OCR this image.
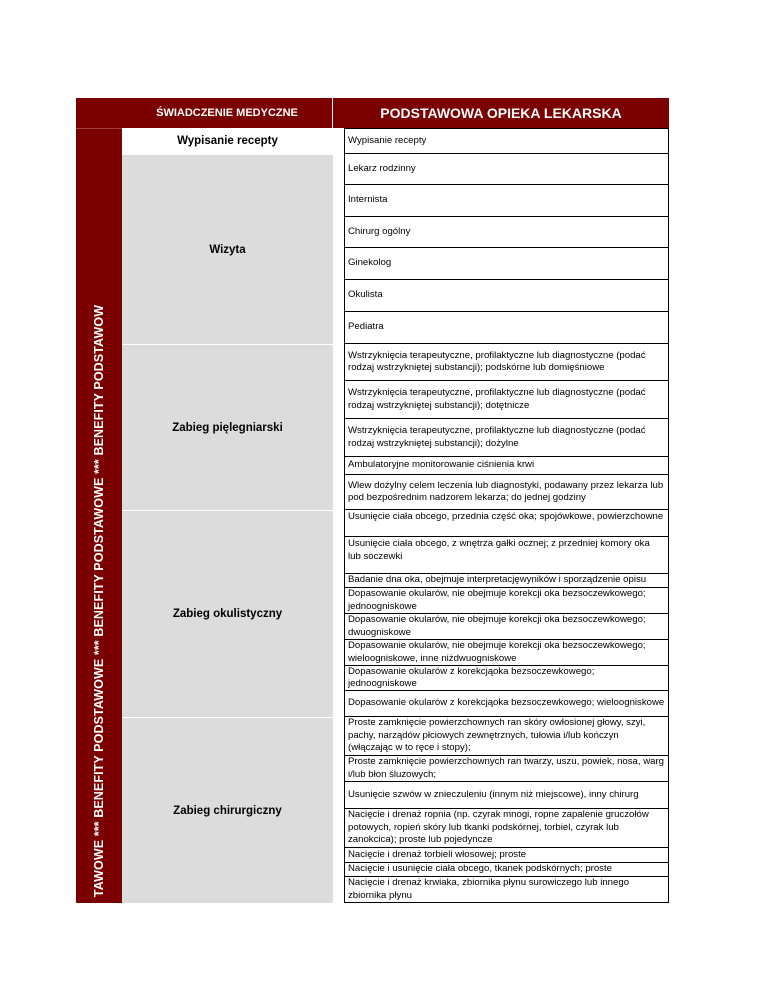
TAWOWE *** BENEFITY PODSTAWOWE *** BENEFITY PODSTAWOWE *** BENEFITY PODSTAWOW
ŚWIADCZENIE MEDYCZNE	PODSTAWOWA OPIEKA LEKARSKA
Wypisanie recepty
Wizyta
Zabieg pięlegniarski
Zabieg okulistyczny
Zabieg chirurgiczny
Wypisanie recepty
Lekarz rodzinny
Internista
Chirurg ogólny
Ginekolog
Okulista
Pediatra
Wstrzyknięcia terapeutyczne, profilaktyczne lub diagnostyczne (podać rodzaj wstrzykniętej substancji); podskórne lub domięśniowe
Wstrzyknięcia terapeutyczne, profilaktyczne lub diagnostyczne (podać rodzaj wstrzykniętej substancji); dotętnicze
Wstrzyknięcia terapeutyczne, profilaktyczne lub diagnostyczne (podać rodzaj wstrzykniętej substancji); dożylne
Ambulatoryjne monitorowanie ciśnienia krwi
Wlew dożylny celem leczenia lub diagnostyki, podawany przez lekarza lub pod bezpośrednim nadzorem lekarza; do jednej godziny
Usunięcie ciała obcego, przednia część oka; spojówkowe, powierzchowne
Usunięcie ciała obcego, z wnętrza gałki ocznej; z przedniej komory oka lub soczewki
Badanie dna oka, obejmuje interpretacjęwyników i sporządzenie opisu
Dopasowanie okularów, nie obejmuje korekcji oka bezsoczewkowego; jednoogniskowe
Dopasowanie okularów, nie obejmuje korekcji oka bezsoczewkowego; dwuogniskowe
Dopasowanie okularów, nie obejmuje korekcji oka bezsoczewkowego; wieloogniskowe, inne niżdwuogniskowe
Dopasowanie okularów z korekcjąoka bezsoczewkowego; jednoogniskowe
Dopasowanie okularów z korekcjąoka bezsoczewkowego; wieloogniskowe
Proste zamknięcie powierzchownych ran skóry owłosionej głowy, szyi, pachy, narządów płciowych zewnętrznych, tułowia i/lub kończyn (włączając w to ręce i stopy);
Proste zamknięcie powierzchownych ran twarzy, uszu, powiek, nosa, warg i/lub błon śluzowych;
Usunięcie szwów w znieczuleniu (innym niż miejscowe), inny chirurg
Nacięcie i drenaż ropnia (np. czyrak mnogi, ropne zapalenie gruczołów potowych, ropień skóry lub tkanki podskórnej, torbiel, czyrak lub zanokcica); proste lub pojedyncze
Nacięcie i drenaż torbieli włosowej; proste
Nacięcie i usunięcie ciała obcego, tkanek podskórnych; proste
Nacięcie i drenaż krwiaka, zbiornika płynu surowiczego lub innego zbiornika płynu
